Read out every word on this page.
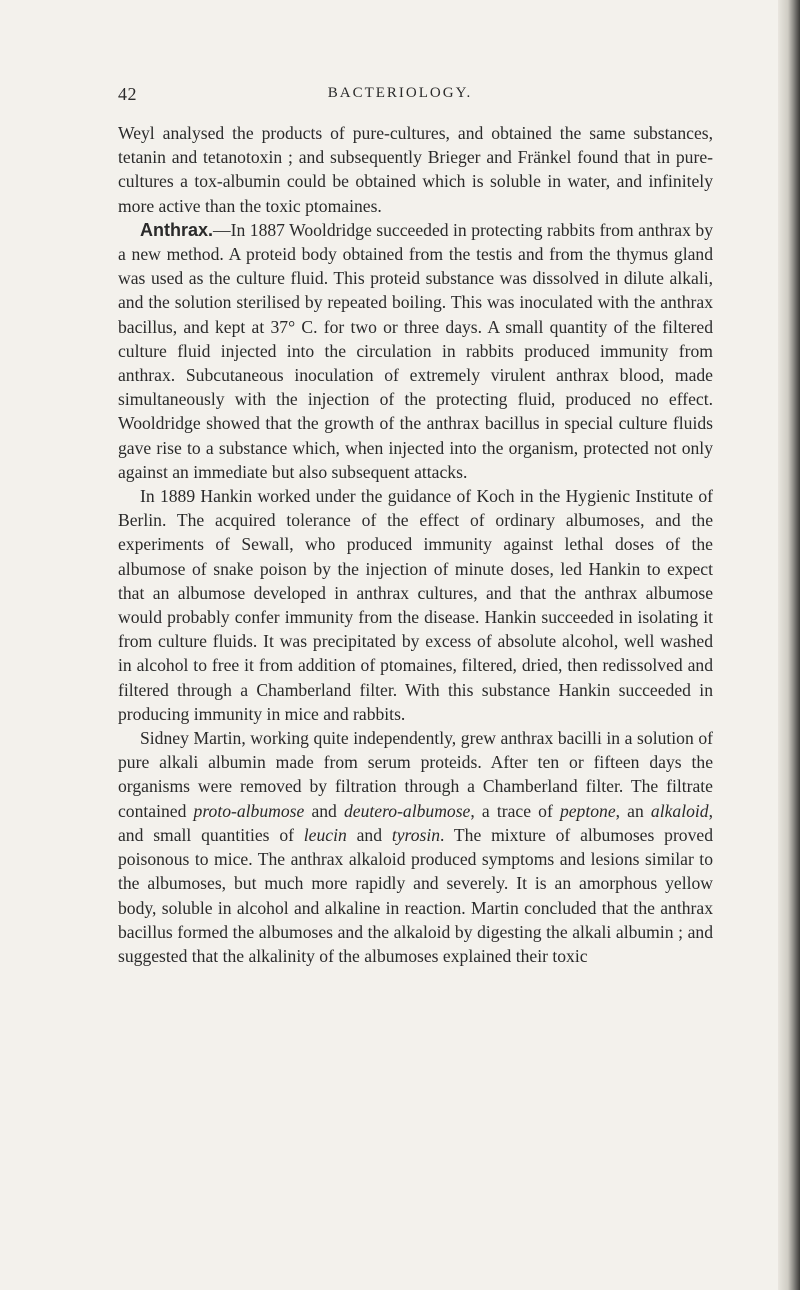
42	BACTERIOLOGY.

Weyl analysed the products of pure-cultures, and obtained the same substances, tetanin and tetanotoxin ; and subsequently Brieger and Fränkel found that in pure-cultures a tox-albumin could be obtained which is soluble in water, and infinitely more active than the toxic ptomaines.

Anthrax.—In 1887 Wooldridge succeeded in protecting rabbits from anthrax by a new method. A proteid body obtained from the testis and from the thymus gland was used as the culture fluid. This proteid substance was dissolved in dilute alkali, and the solution sterilised by repeated boiling. This was inoculated with the anthrax bacillus, and kept at 37° C. for two or three days. A small quantity of the filtered culture fluid injected into the circulation in rabbits produced immunity from anthrax. Subcutaneous inoculation of extremely virulent anthrax blood, made simultaneously with the injection of the protecting fluid, produced no effect. Wooldridge showed that the growth of the anthrax bacillus in special culture fluids gave rise to a substance which, when injected into the organism, protected not only against an immediate but also subsequent attacks.

In 1889 Hankin worked under the guidance of Koch in the Hygienic Institute of Berlin. The acquired tolerance of the effect of ordinary albumoses, and the experiments of Sewall, who produced immunity against lethal doses of the albumose of snake poison by the injection of minute doses, led Hankin to expect that an albumose developed in anthrax cultures, and that the anthrax albumose would probably confer immunity from the disease. Hankin succeeded in isolating it from culture fluids. It was precipitated by excess of absolute alcohol, well washed in alcohol to free it from addition of ptomaines, filtered, dried, then redissolved and filtered through a Chamberland filter. With this substance Hankin succeeded in producing immunity in mice and rabbits.

Sidney Martin, working quite independently, grew anthrax bacilli in a solution of pure alkali albumin made from serum proteids. After ten or fifteen days the organisms were removed by filtration through a Chamberland filter. The filtrate contained proto-albumose and deutero-albumose, a trace of peptone, an alkaloid, and small quantities of leucin and tyrosin. The mixture of albumoses proved poisonous to mice. The anthrax alkaloid produced symptoms and lesions similar to the albumoses, but much more rapidly and severely. It is an amorphous yellow body, soluble in alcohol and alkaline in reaction. Martin concluded that the anthrax bacillus formed the albumoses and the alkaloid by digesting the alkali albumin ; and suggested that the alkalinity of the albumoses explained their toxic
